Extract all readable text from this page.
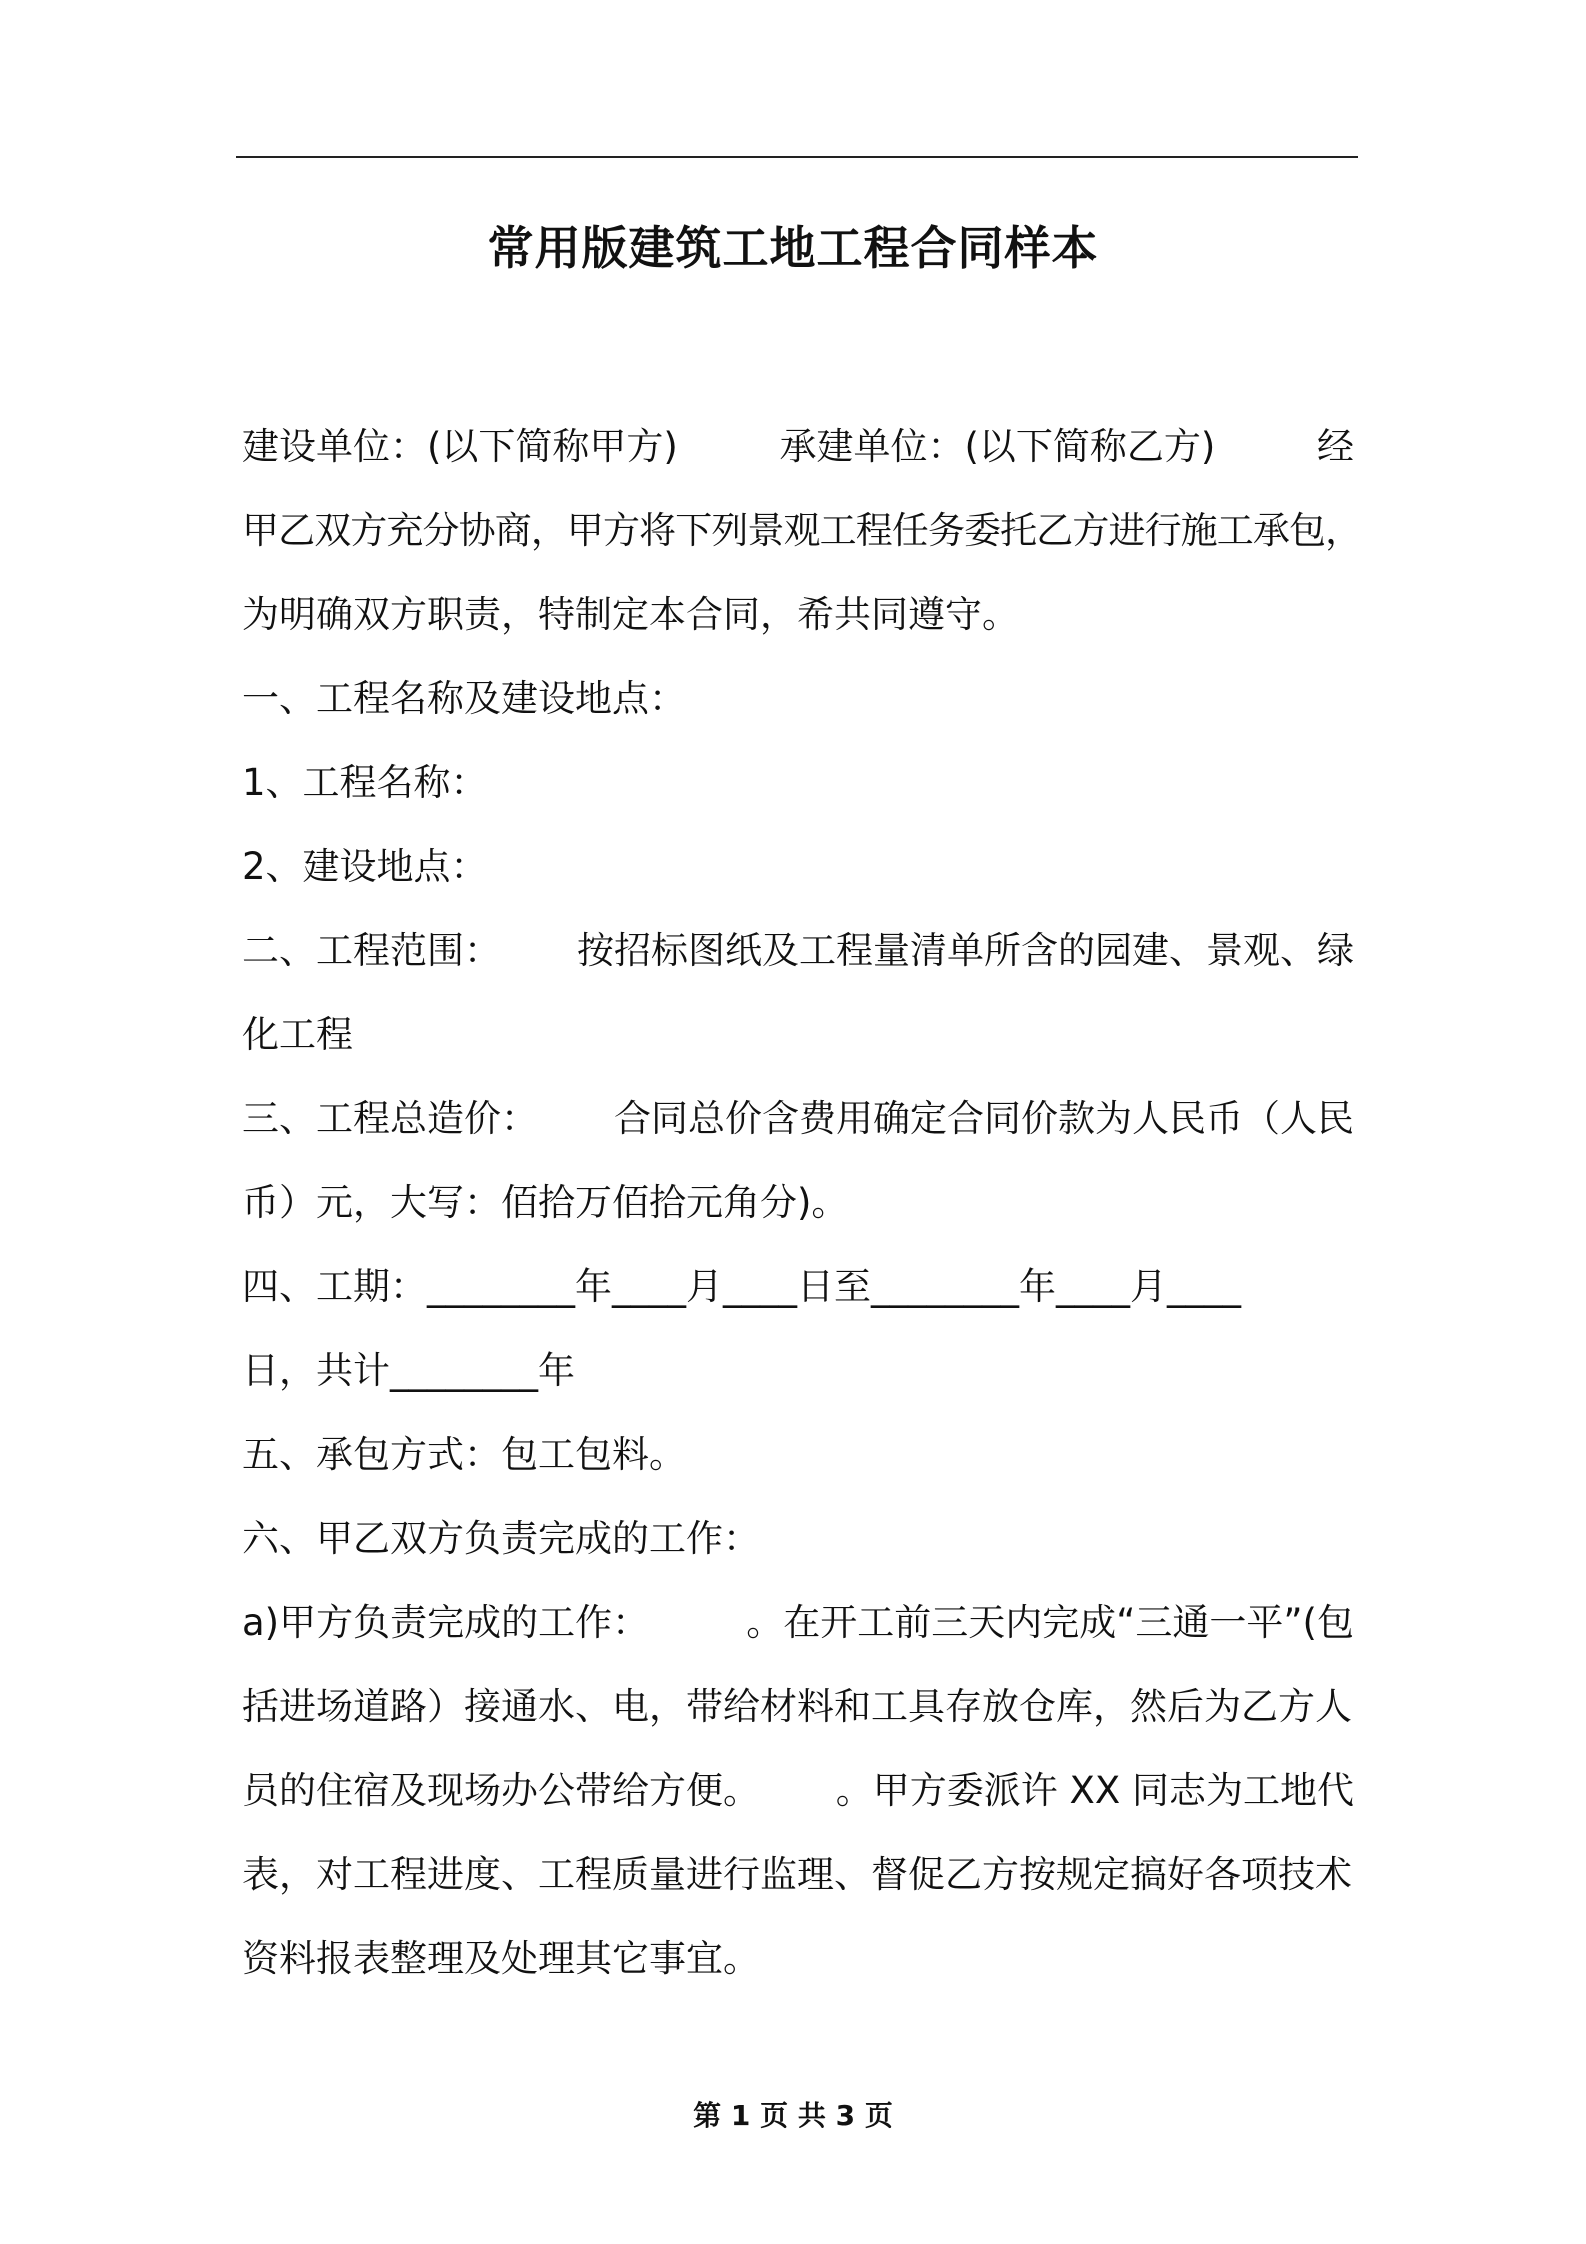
常用版建筑工地工程合同样本
建设单位：(以下简称甲方)	承建单位：(以下简称乙方)	经
甲乙双方充分协商，甲方将下列景观工程任务委托乙方进行施工承包，
为明确双方职责，特制定本合同，希共同遵守。
一、工程名称及建设地点：
1、工程名称：
2、建设地点：
二、工程范围： 按招标图纸及工程量清单所含的园建、景观、绿
化工程
三、工程总造价： 合同总价含费用确定合同价款为人民币（人民
币）元，大写：佰拾万佰拾元角分)。
四、工期：________年____月____日至________年____月____
日，共计________年
五、承包方式：包工包料。
六、甲乙双方负责完成的工作：
a)甲方负责完成的工作：	。在开工前三天内完成“三通一平”(包
括进场道路）接通水、电，带给材料和工具存放仓库，然后为乙方人
员的住宿及现场办公带给方便。 。甲方委派许 XX 同志为工地代
表，对工程进度、工程质量进行监理、督促乙方按规定搞好各项技术
资料报表整理及处理其它事宜。
第 1 页 共 3 页
